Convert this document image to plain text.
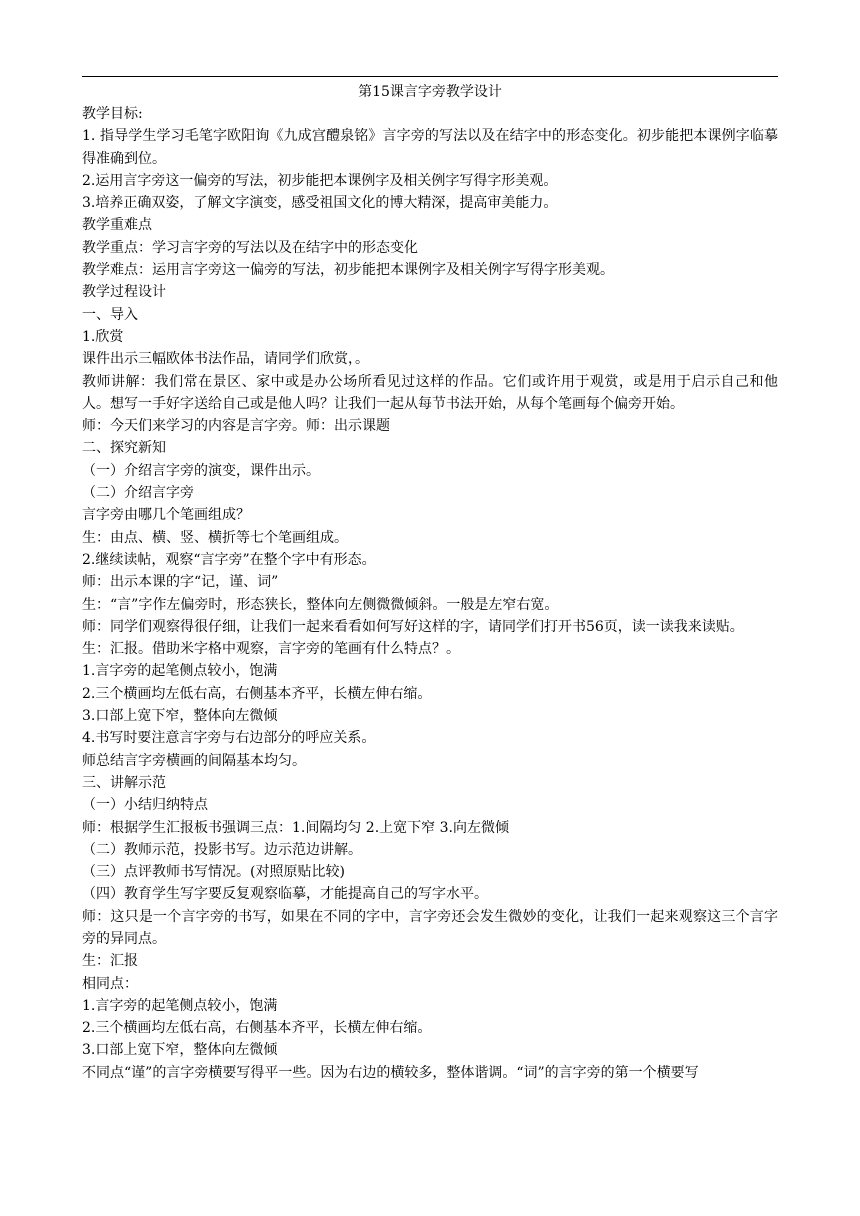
第15课言字旁教学设计

教学目标:

1. 指导学生学习毛笔字欧阳询《九成宫醴泉铭》言字旁的写法以及在结字中的形态变化。初步能把本课例字临摹得准确到位。

2.运用言字旁这一偏旁的写法，初步能把本课例字及相关例字写得字形美观。

3.培养正确双姿，了解文字演变，感受祖国文化的博大精深，提高审美能力。

教学重难点

教学重点：学习言字旁的写法以及在结字中的形态变化

教学难点：运用言字旁这一偏旁的写法，初步能把本课例字及相关例字写得字形美观。

教学过程设计

一、导入

1.欣赏

课件出示三幅欧体书法作品，请同学们欣赏，。

教师讲解：我们常在景区、家中或是办公场所看见过这样的作品。它们或许用于观赏，或是用于启示自己和他人。想写一手好字送给自己或是他人吗？让我们一起从每节书法开始，从每个笔画每个偏旁开始。

师：今天们来学习的内容是言字旁。师：出示课题

二、探究新知

（一）介绍言字旁的演变，课件出示。

（二）介绍言字旁

言字旁由哪几个笔画组成？

生：由点、横、竖、横折等七个笔画组成。

2.继续读帖，观察“言字旁”在整个字中有形态。

师：出示本课的字“记，谨、词”

生：“言”字作左偏旁时，形态狭长，整体向左侧微微倾斜。一般是左窄右宽。

师：同学们观察得很仔细，让我们一起来看看如何写好这样的字，请同学们打开书56页，读一读我来读贴。

生：汇报。借助米字格中观察，言字旁的笔画有什么特点？。

1.言字旁的起笔侧点较小，饱满

2.三个横画均左低右高，右侧基本齐平，长横左伸右缩。

3.口部上宽下窄，整体向左微倾

4.书写时要注意言字旁与右边部分的呼应关系。

师总结言字旁横画的间隔基本均匀。

三、讲解示范

（一）小结归纳特点

师：根据学生汇报板书强调三点：1.间隔均匀 2.上宽下窄 3.向左微倾

（二）教师示范，投影书写。边示范边讲解。

（三）点评教师书写情况。(对照原贴比较)

（四）教育学生写字要反复观察临摹，才能提高自己的写字水平。

师：这只是一个言字旁的书写，如果在不同的字中，言字旁还会发生微妙的变化，让我们一起来观察这三个言字旁的异同点。

生：汇报

相同点：

1.言字旁的起笔侧点较小，饱满

2.三个横画均左低右高，右侧基本齐平，长横左伸右缩。

3.口部上宽下窄，整体向左微倾

不同点“谨”的言字旁横要写得平一些。因为右边的横较多，整体谐调。“词”的言字旁的第一个横要写
